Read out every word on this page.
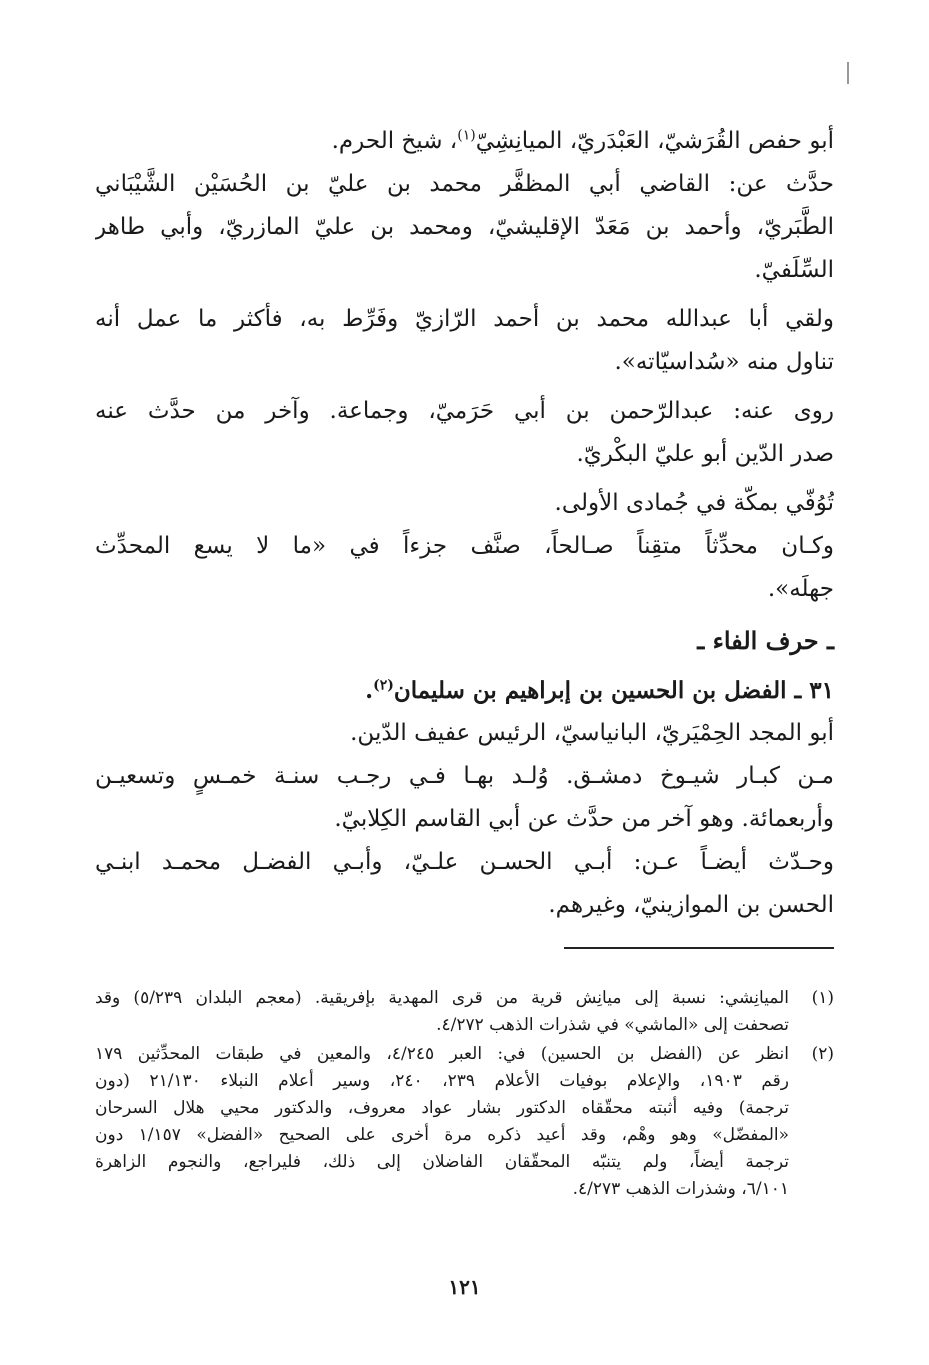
أبو حفص القُرَشيّ، العَبْدَريّ، الميانِشِيّ$^{(١)}$، شيخ الحرم.

حدَّث عن: القاضي أبي المظفَّر محمد بن عليّ بن الحُسَيْن الشَّيْبَاني

الطَّبَريّ، وأحمد بن مَعَدّ الإقليشيّ، ومحمد بن عليّ المازريّ، وأبي طاهر

السِّلَفيّ.

ولقي أبا عبدالله محمد بن أحمد الرّازيّ وفَرِّط به، فأكثر ما عمل أنه

تناول منه «سُداسيّاته».

روى عنه: عبدالرّحمن بن أبي حَرَميّ، وجماعة. وآخر من حدَّث عنه

صدر الدّين أبو عليّ البكْريّ.

تُوُفّي بمكّة في جُمادى الأولى.

وكـان محدِّثاً متقِناً صـالحاً، صنَّف جزءاً في «ما لا يسع المحدِّث

جهلَه».

ـ حرف الفاء ـ

٣١ ـ الفضل بن الحسين بن إبراهيم بن سليمان$^{(٢)}$.

أبو المجد الحِمْيَريّ، البانياسيّ، الرئيس عفيف الدّين.

مـن كبـار شيـوخ دمشـق. وُلـد بهـا فـي رجـب سنـة خمـسٍ وتسعيـن

وأربعمائة. وهو آخر من حدَّث عن أبي القاسم الكِلابيّ.

وحـدّث أيضـاً عـن: أبـي الحسـن علـيّ، وأبـي الفضـل محمـد ابنـي

الحسن بن الموازينيّ، وغيرهم.

(١)
الميانِشي: نسبة إلى ميانِش قرية من قرى المهدية بإفريقية. (معجم البلدان ٥/٢٣٩) وقد
تصحفت إلى «الماشي» في شذرات الذهب ٤/٢٧٢.
(٢)
انظر عن (الفضل بن الحسين) في: العبر ٤/٢٤٥، والمعين في طبقات المحدِّثين ١٧٩
رقم ١٩٠٣، والإعلام بوفيات الأعلام ٢٣٩، ٢٤٠، وسير أعلام النبلاء ٢١/١٣٠ (دون
ترجمة) وفيه أثبته محقّقاه الدكتور بشار عواد معروف، والدكتور محيي هلال السرحان
«المفضّل» وهو وهْم، وقد أعيد ذكره مرة أخرى على الصحيح «الفضل» ١/١٥٧ دون
ترجمة أيضاً، ولم يتنبّه المحقّقان الفاضلان إلى ذلك، فليراجع، والنجوم الزاهرة
٦/١٠١، وشذرات الذهب ٤/٢٧٣.
١٢١
